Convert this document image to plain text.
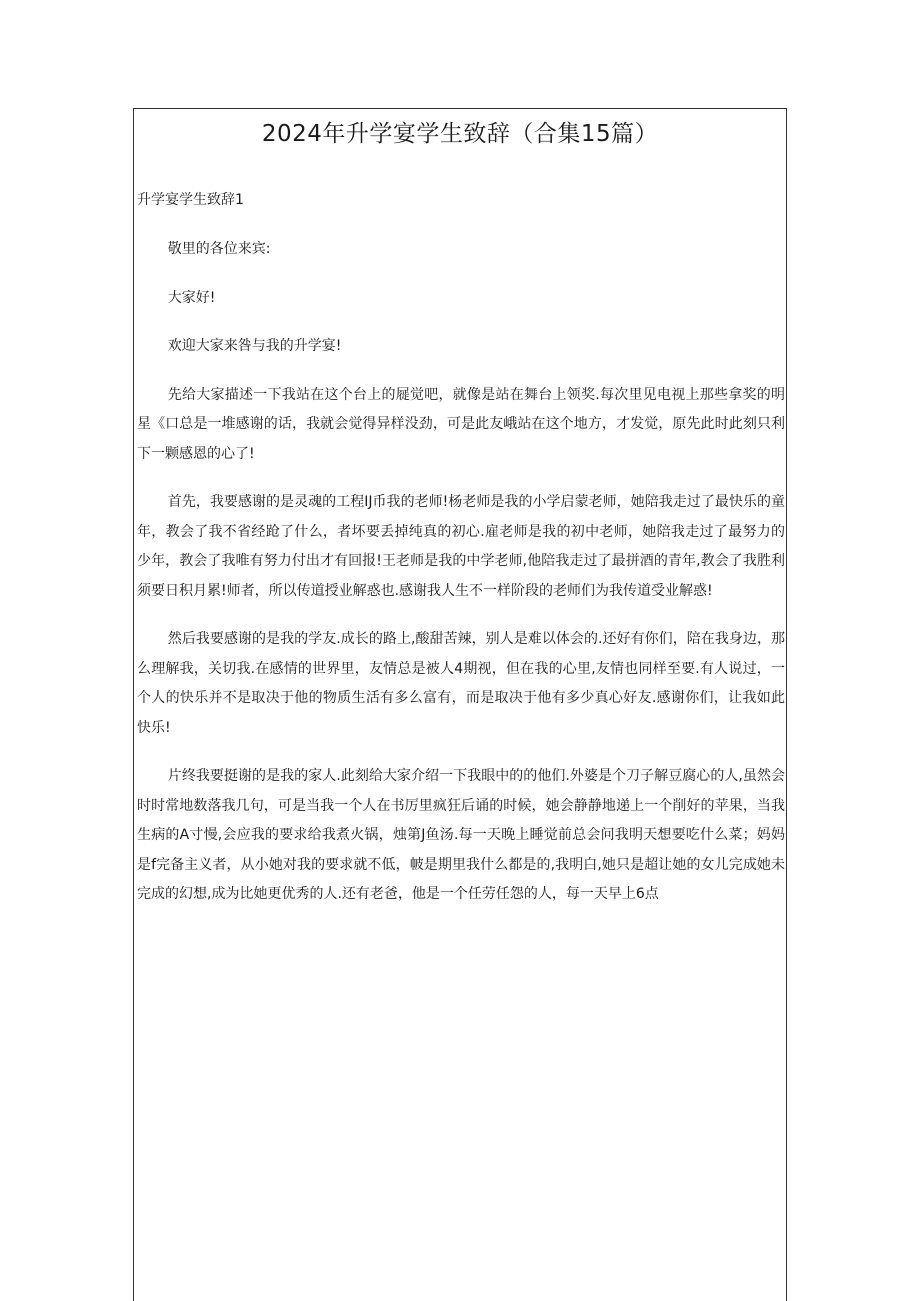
2024年升学宴学生致辞（合集15篇）
升学宴学生致辞1

敬里的各位来宾:

大家好!

欢迎大家来咎与我的升学宴!

先给大家描述一下我站在这个台上的屣觉吧，就像是站在舞台上领奖.每次里见电视上那些拿奖的明星《口总是一堆感谢的话，我就会觉得异样没劲，可是此友峨站在这个地方，才发觉，原先此时此刻只利下一颗感恩的心了!

首先，我要感谢的是灵魂的工程IJ币我的老师!杨老师是我的小学启蒙老师，她陪我走过了最快乐的童年，教会了我不省经跄了什么，者坏要丢掉纯真的初心.雇老师是我的初中老师，她陪我走过了最努力的少年，教会了我唯有努力付出才有回报!王老师是我的中学老师,他陪我走过了最拼酒的青年,教会了我胜利须要日积月累!师者，所以传道授业解惑也.感谢我人生不一样阶段的老师们为我传道受业解惑!

然后我要感谢的是我的学友.成长的路上,酸甜苦辣，别人是难以体会的.还好有你们，陪在我身边，那么理解我，关切我.在感情的世界里，友情总是被人4期视，但在我的心里,友情也同样至要.有人说过，一个人的快乐并不是取决于他的物质生活有多么富有，而是取决于他有多少真心好友.感谢你们，让我如此快乐!

片终我要挺谢的是我的家人.此刻给大家介绍一下我眼中的的他们.外婆是个刀子解豆腐心的人,虽然会时时常地数落我几句，可是当我一个人在书厉里疯狂后诵的时候，她会静静地递上一个削好的苹果，当我生病的A寸慢,会应我的要求给我煮火锅，烛第J鱼汤.每一天晚上睡觉前总会问我明天想要吃什么菜；妈妈是f完备主义者，从小她对我的要求就不低，帔是期里我什么都是的,我明白,她只是超让她的女儿完成她未完成的幻想,成为比她更优秀的人.还有老爸，他是一个任劳任怨的人，每一天早上6点
